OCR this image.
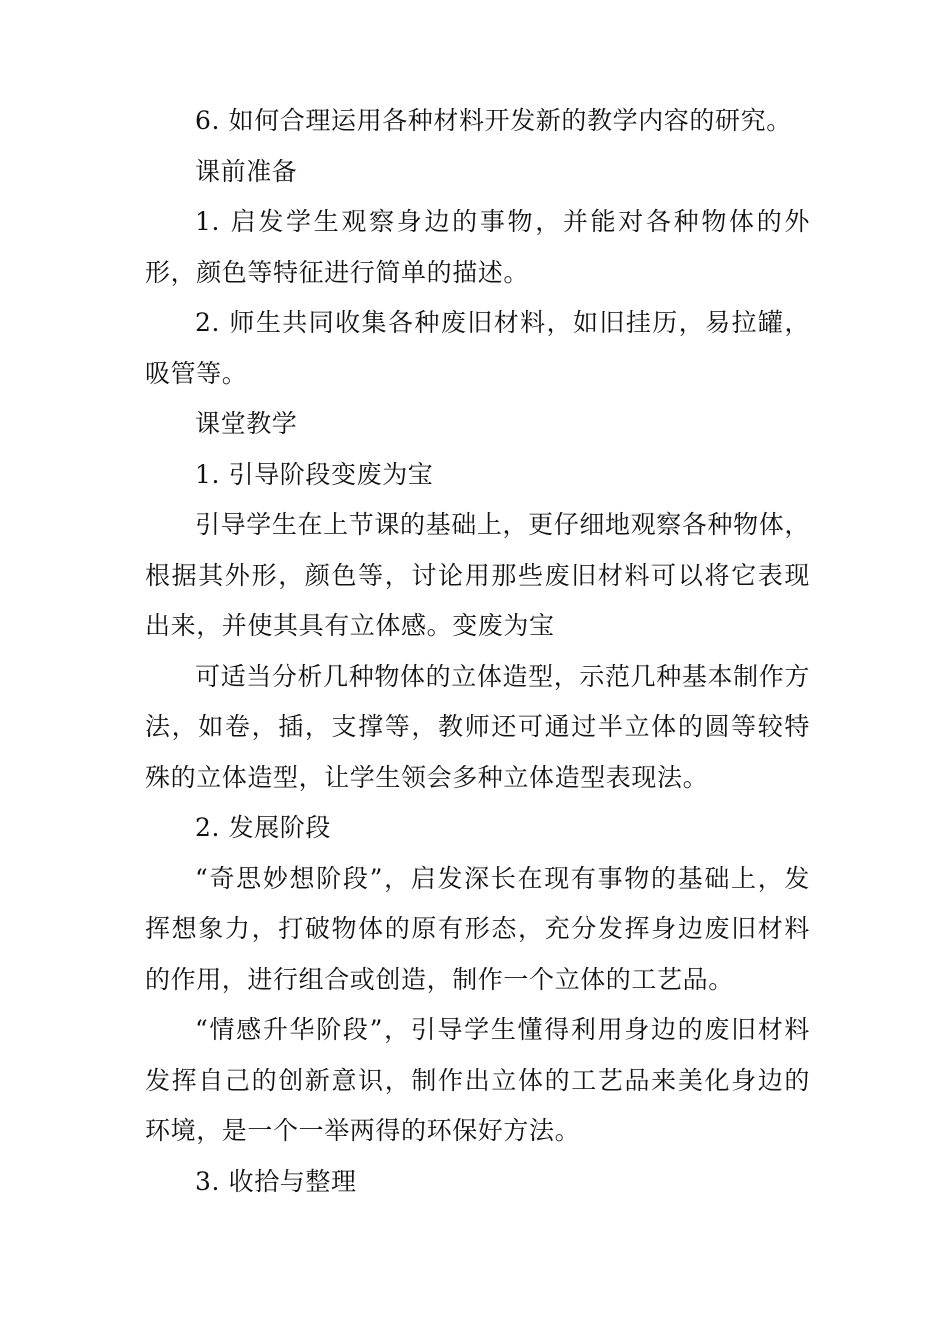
6. 如何合理运用各种材料开发新的教学内容的研究。

课前准备

1. 启发学生观察身边的事物，并能对各种物体的外形，颜色等特征进行简单的描述。

2. 师生共同收集各种废旧材料，如旧挂历，易拉罐，吸管等。

课堂教学

1. 引导阶段变废为宝

引导学生在上节课的基础上，更仔细地观察各种物体，根据其外形，颜色等，讨论用那些废旧材料可以将它表现出来，并使其具有立体感。变废为宝

可适当分析几种物体的立体造型，示范几种基本制作方法，如卷，插，支撑等，教师还可通过半立体的圆等较特殊的立体造型，让学生领会多种立体造型表现法。

2. 发展阶段

“奇思妙想阶段”，启发深长在现有事物的基础上，发挥想象力，打破物体的原有形态，充分发挥身边废旧材料的作用，进行组合或创造，制作一个立体的工艺品。

“情感升华阶段”，引导学生懂得利用身边的废旧材料发挥自己的创新意识，制作出立体的工艺品来美化身边的环境，是一个一举两得的环保好方法。

3. 收拾与整理
